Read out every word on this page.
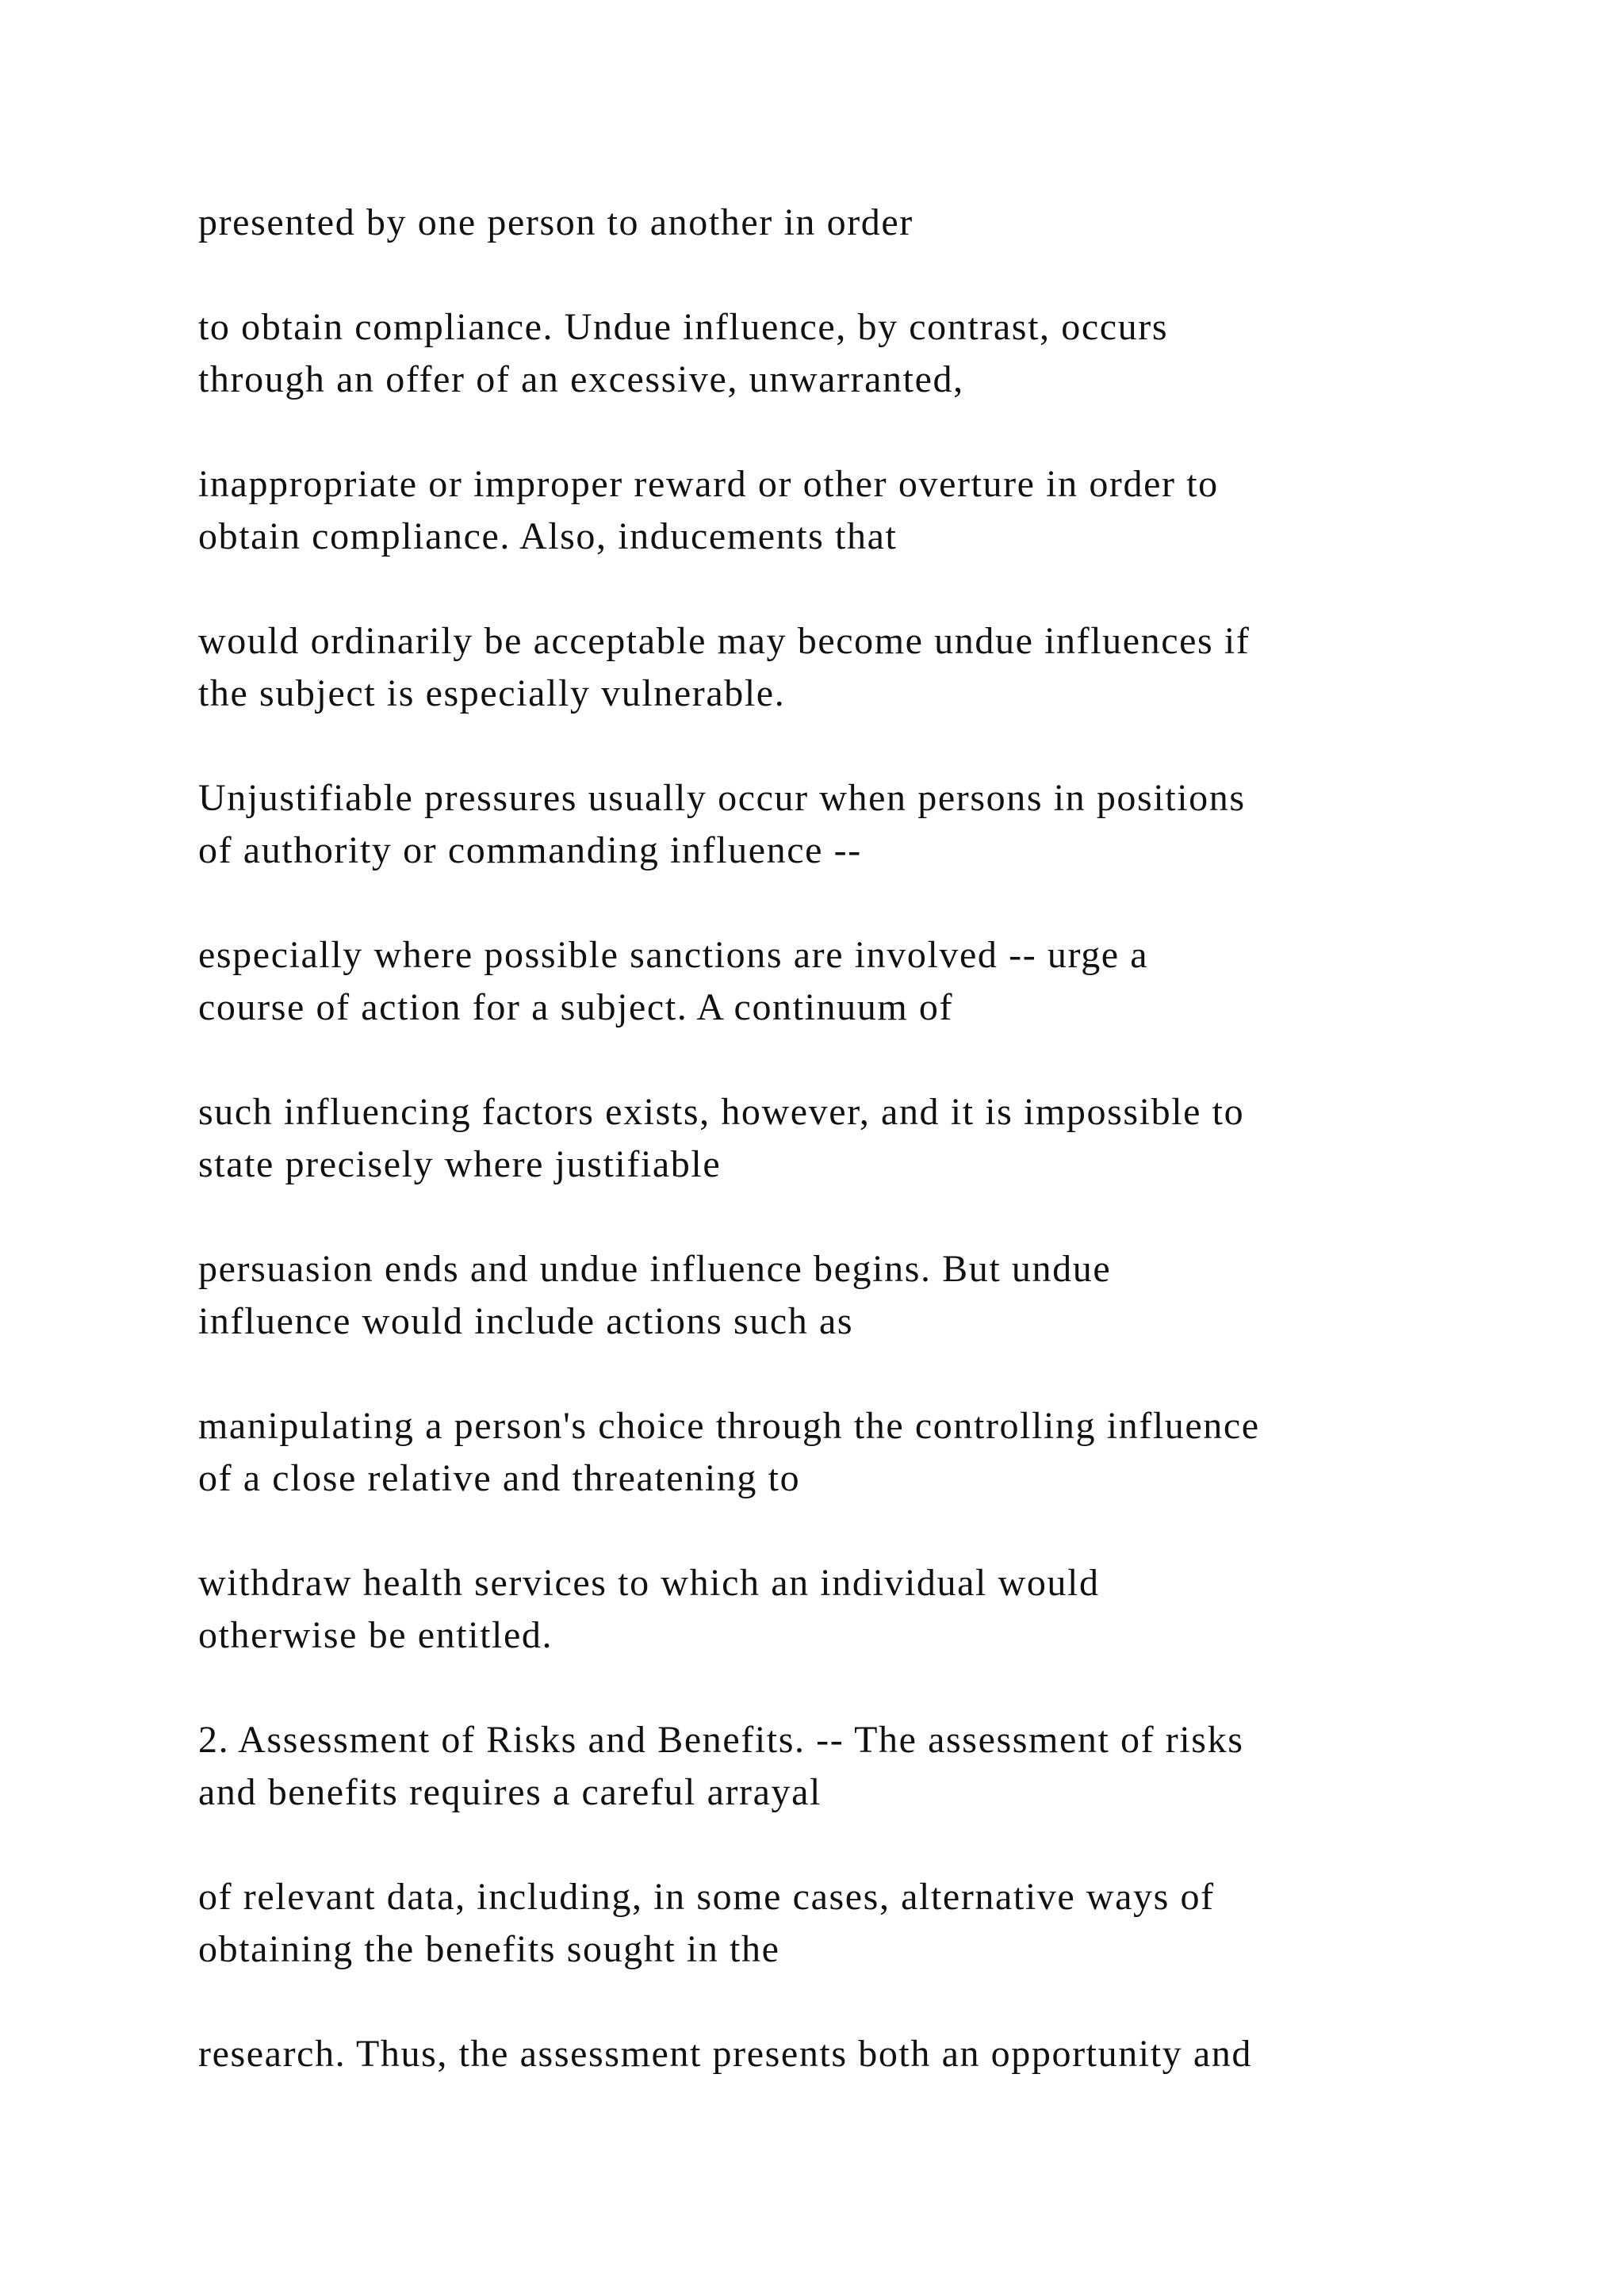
presented by one person to another in order

to obtain compliance. Undue influence, by contrast, occurs
through an offer of an excessive, unwarranted,

inappropriate or improper reward or other overture in order to
obtain compliance. Also, inducements that

would ordinarily be acceptable may become undue influences if
the subject is especially vulnerable.

Unjustifiable pressures usually occur when persons in positions
of authority or commanding influence --

especially where possible sanctions are involved -- urge a
course of action for a subject. A continuum of

such influencing factors exists, however, and it is impossible to
state precisely where justifiable

persuasion ends and undue influence begins. But undue
influence would include actions such as

manipulating a person's choice through the controlling influence
of a close relative and threatening to

withdraw health services to which an individual would
otherwise be entitled.

2. Assessment of Risks and Benefits. -- The assessment of risks
and benefits requires a careful arrayal

of relevant data, including, in some cases, alternative ways of
obtaining the benefits sought in the

research. Thus, the assessment presents both an opportunity and
